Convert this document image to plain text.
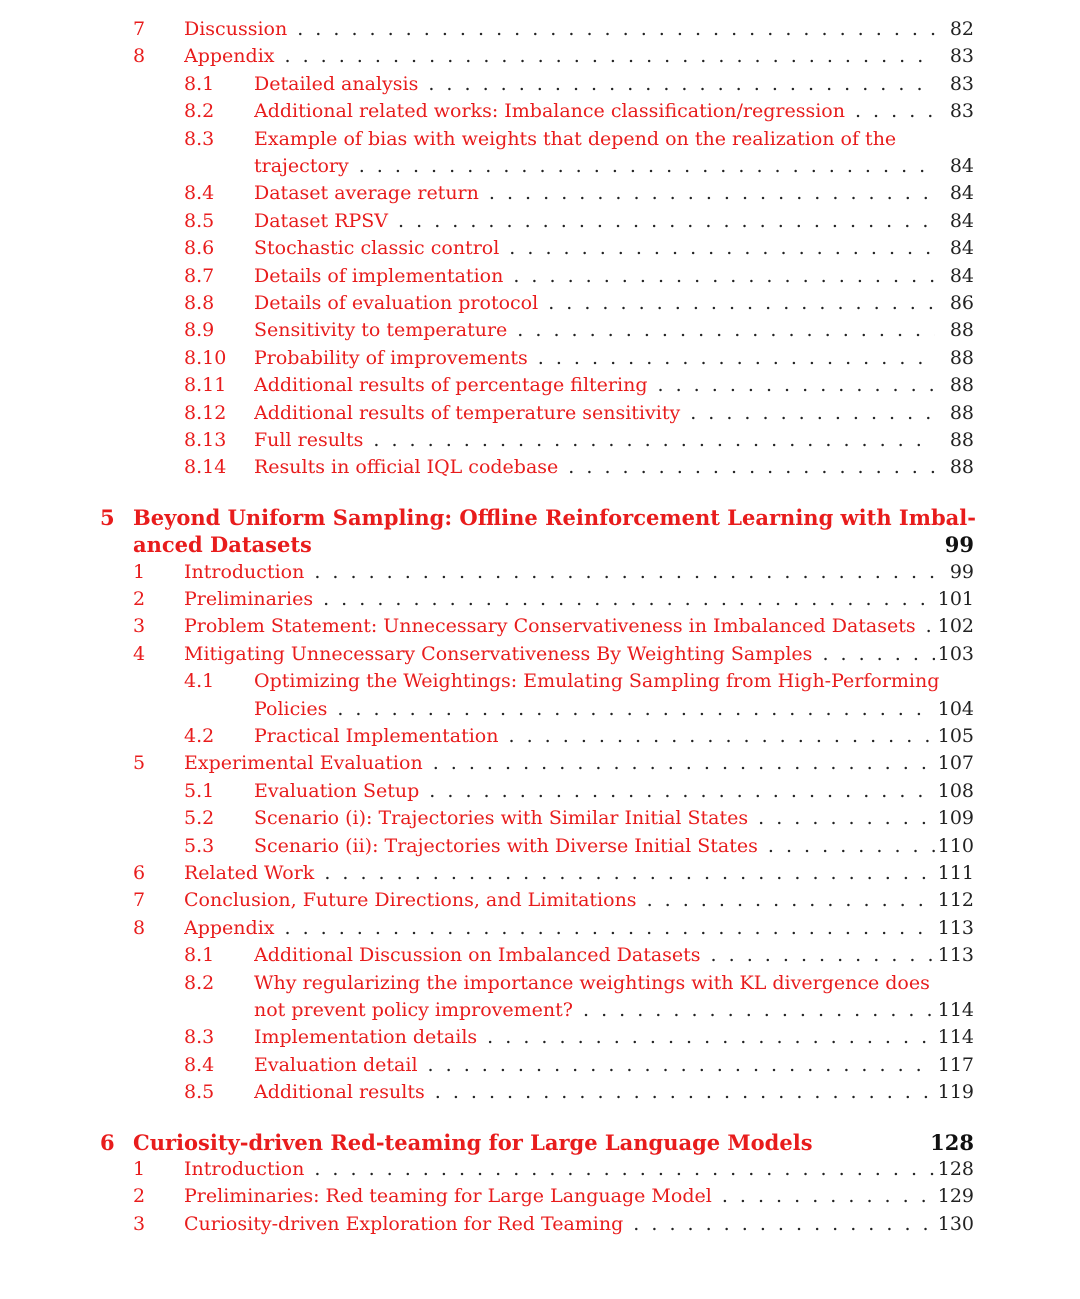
7 Discussion . . .	82
8 Appendix . . .	83
8.1 Detailed analysis . . .	83
8.2 Additional related works: Imbalance classification/regression . . .	83
8.3 Example of bias with weights that depend on the realization of the
trajectory . . .	84
8.4 Dataset average return . . .	84
8.5 Dataset RPSV . . .	84
8.6 Stochastic classic control . . .	84
8.7 Details of implementation . . .	84
8.8 Details of evaluation protocol . . .	86
8.9 Sensitivity to temperature . . .	88
8.10 Probability of improvements . . .	88
8.11 Additional results of percentage filtering . . .	88
8.12 Additional results of temperature sensitivity . . .	88
8.13 Full results . . .	88
8.14 Results in official IQL codebase . . .	88
5 Beyond Uniform Sampling: Offline Reinforcement Learning with Imbal-
anced Datasets	99
1 Introduction . . .	99
2 Preliminaries . . .	101
3 Problem Statement: Unnecessary Conservativeness in Imbalanced Datasets . . .	102
4 Mitigating Unnecessary Conservativeness By Weighting Samples . . .	103
4.1 Optimizing the Weightings: Emulating Sampling from High-Performing
Policies . . .	104
4.2 Practical Implementation . . .	105
5 Experimental Evaluation . . .	107
5.1 Evaluation Setup . . .	108
5.2 Scenario (i): Trajectories with Similar Initial States . . .	109
5.3 Scenario (ii): Trajectories with Diverse Initial States . . .	110
6 Related Work . . .	111
7 Conclusion, Future Directions, and Limitations . . .	112
8 Appendix . . .	113
8.1 Additional Discussion on Imbalanced Datasets . . .	113
8.2 Why regularizing the importance weightings with KL divergence does
not prevent policy improvement? . . .	114
8.3 Implementation details . . .	114
8.4 Evaluation detail . . .	117
8.5 Additional results . . .	119
6 Curiosity-driven Red-teaming for Large Language Models	128
1 Introduction . . .	128
2 Preliminaries: Red teaming for Large Language Model . . .	129
3 Curiosity-driven Exploration for Red Teaming . . .	130
